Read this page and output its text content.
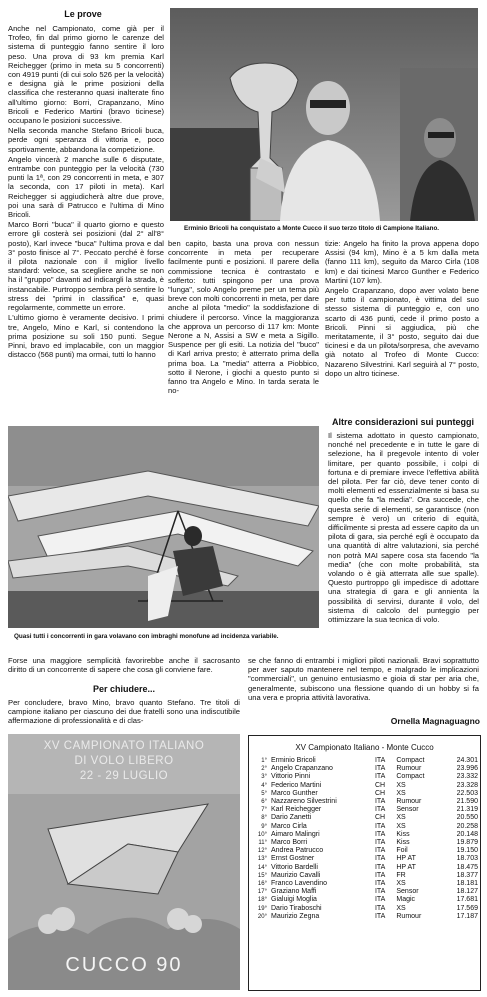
Le prove

Anche nel Campionato, come già per il Trofeo, fin dal primo giorno le carenze del sistema di punteggio fanno sentire il loro peso. Una prova di 93 km premia Karl Reichegger (primo in meta su 5 concorrenti) con 4919 punti (di cui solo 526 per la velocità) e designa già le prime posizioni della classifica che resteranno quasi inalterate fino all'ultimo giorno: Borri, Crapanzano, Mino Bricoli e Federico Martini (bravo ticinese) occupano le posizioni successive.

Nella seconda manche Stefano Bricoli buca, perde ogni speranza di vittoria e, poco sportivamente, abbandona la competizione.

Angelo vincerà 2 manche sulle 6 disputate, entrambe con punteggio per la velocità (730 punti la 1ª, con 29 concorrenti in meta, e 307 la seconda, con 17 piloti in meta). Karl Reichegger si aggiudicherà altre due prove, poi una sarà di Patrucco e l'ultima di Mino Bricoli.

Marco Borri "buca" il quarto giorno e questo errore gli costerà sei posizioni (dal 2° all'8° posto), Karl invece "buca" l'ultima prova e dal 3° posto finisce al 7°. Peccato perché è forse il pilota nazionale con il miglior livello standard: veloce, sa scegliere anche se non ha il "gruppo" davanti ad indicargli la strada, è instancabile. Purtroppo sembra però sentire lo stress dei "primi in classifica" e, quasi regolarmente, commette un errore.

L'ultimo giorno è veramente decisivo. I primi tre, Angelo, Mino e Karl, si contendono la prima posizione su soli 150 punti. Segue Pinni, bravo ed implacabile, con un maggior distacco (568 punti) ma ormai, tutti lo hanno

Erminio Bricoli ha conquistato a Monte Cucco il suo terzo titolo di Campione Italiano.
ben capito, basta una prova con nessun concorrente in meta per recuperare facilmente punti e posizioni. Il parere della commissione tecnica è contrastato e sofferto: tutti spingono per una prova "lunga", solo Angelo preme per un tema più breve con molti concorrenti in meta, per dare anche al pilota "medio" la soddisfazione di chiudere il percorso. Vince la maggioranza che approva un percorso di 117 km: Monte Nerone a N, Assisi a SW e meta a Sigillo. Suspence per gli esiti. La notizia del "buco" di Karl arriva presto; è atterrato prima della prima boa. La "media" atterra a Piobbico, sotto il Nerone, i giochi a questo punto si fanno tra Angelo e Mino. In tarda serata le no-

tizie: Angelo ha finito la prova appena dopo Assisi (94 km), Mino è a 5 km dalla meta (fanno 111 km), seguito da Marco Cirla (108 km) e dai ticinesi Marco Gunther e Federico Martini (107 km).

Angelo Crapanzano, dopo aver volato bene per tutto il campionato, è vittima del suo stesso sistema di punteggio e, con uno scarto di 436 punti, cede il primo posto a Bricoli. Pinni si aggiudica, più che meritatamente, il 3° posto, seguito dai due ticinesi e da un pilota/sorpresa, che avevamo già notato al Trofeo di Monte Cucco: Nazareno Silvestrini. Karl seguirà al 7° posto, dopo un altro ticinese.

Quasi tutti i concorrenti in gara volavano con imbraghi monofune ad incidenza variabile.
Altre considerazioni sui punteggi
Il sistema adottato in questo campionato, nonché nel precedente e in tutte le gare di selezione, ha il pregevole intento di voler limitare, per quanto possibile, i colpi di fortuna e di premiare invece l'effettiva abilità del pilota. Per far ciò, deve tener conto di molti elementi ed essenzialmente si basa su quello che fa "la media". Ora succede, che questa serie di elementi, se garantisce (non sempre è vero) un criterio di equità, difficilmente si presta ad essere capito da un pilota di gara, sia perché egli è occupato da una quantità di altre valutazioni, sia perché non potrà MAI sapere cosa sta facendo "la media" (che con molte probabilità, sta volando o è già atterrata alle sue spalle). Questo purtroppo gli impedisce di adottare una strategia di gara e gli annienta la possibilità di servirsi, durante il volo, del sistema di calcolo del punteggio per ottimizzare la sua tecnica di volo.
Forse una maggiore semplicità favorirebbe anche il sacrosanto diritto di un concorrente di sapere che cosa gli conviene fare.
Per chiudere...
Per concludere, bravo Mino, bravo quanto Stefano. Tre titoli di campione italiano per ciascuno dei due fratelli sono una indiscutibile affermazione di professionalità e di clas-
se che fanno di entrambi i migliori piloti nazionali. Bravi soprattutto per aver saputo mantenere nel tempo, e malgrado le implicazioni "commerciali", un genuino entusiasmo e gioia di star per aria che, generalmente, subiscono una flessione quando di un hobby si fa una vera e propria attività lavorativa.
Ornella Magnaguagno
XV CAMPIONATO ITALIANO
DI VOLO LIBERO
22 - 29 LUGLIO
CUCCO 90
XV Campionato Italiano - Monte Cucco
1°	Erminio Bricoli	ITA	Compact	24.301
2°	Angelo Crapanzano	ITA	Rumour	23.996
3°	Vittorio Pinni	ITA	Compact	23.332
4°	Federico Martini	CH	XS	23.328
5°	Marco Gunther	CH	XS	22.503
6°	Nazzareno Silvestrini	ITA	Rumour	21.590
7°	Karl Reichegger	ITA	Sensor	21.319
8°	Dario Zanetti	CH	XS	20.550
9°	Marco Cirla	ITA	XS	20.258
10°	Aimaro Malingri	ITA	Kiss	20.148
11°	Marco Borri	ITA	Kiss	19.879
12°	Andrea Patrucco	ITA	Foil	19.150
13°	Ernst Gostner	ITA	HP AT	18.703
14°	Vittorio Bardelli	ITA	HP AT	18.475
15°	Maurizio Cavalli	ITA	FR	18.377
16°	Franco Lavendino	ITA	XS	18.181
17°	Graziano Maffi	ITA	Sensor	18.127
18°	Gialuigi Moglia	ITA	Magic	17.681
19°	Dario Tiraboschi	ITA	XS	17.569
20°	Maurizio Zegna	ITA	Rumour	17.187
